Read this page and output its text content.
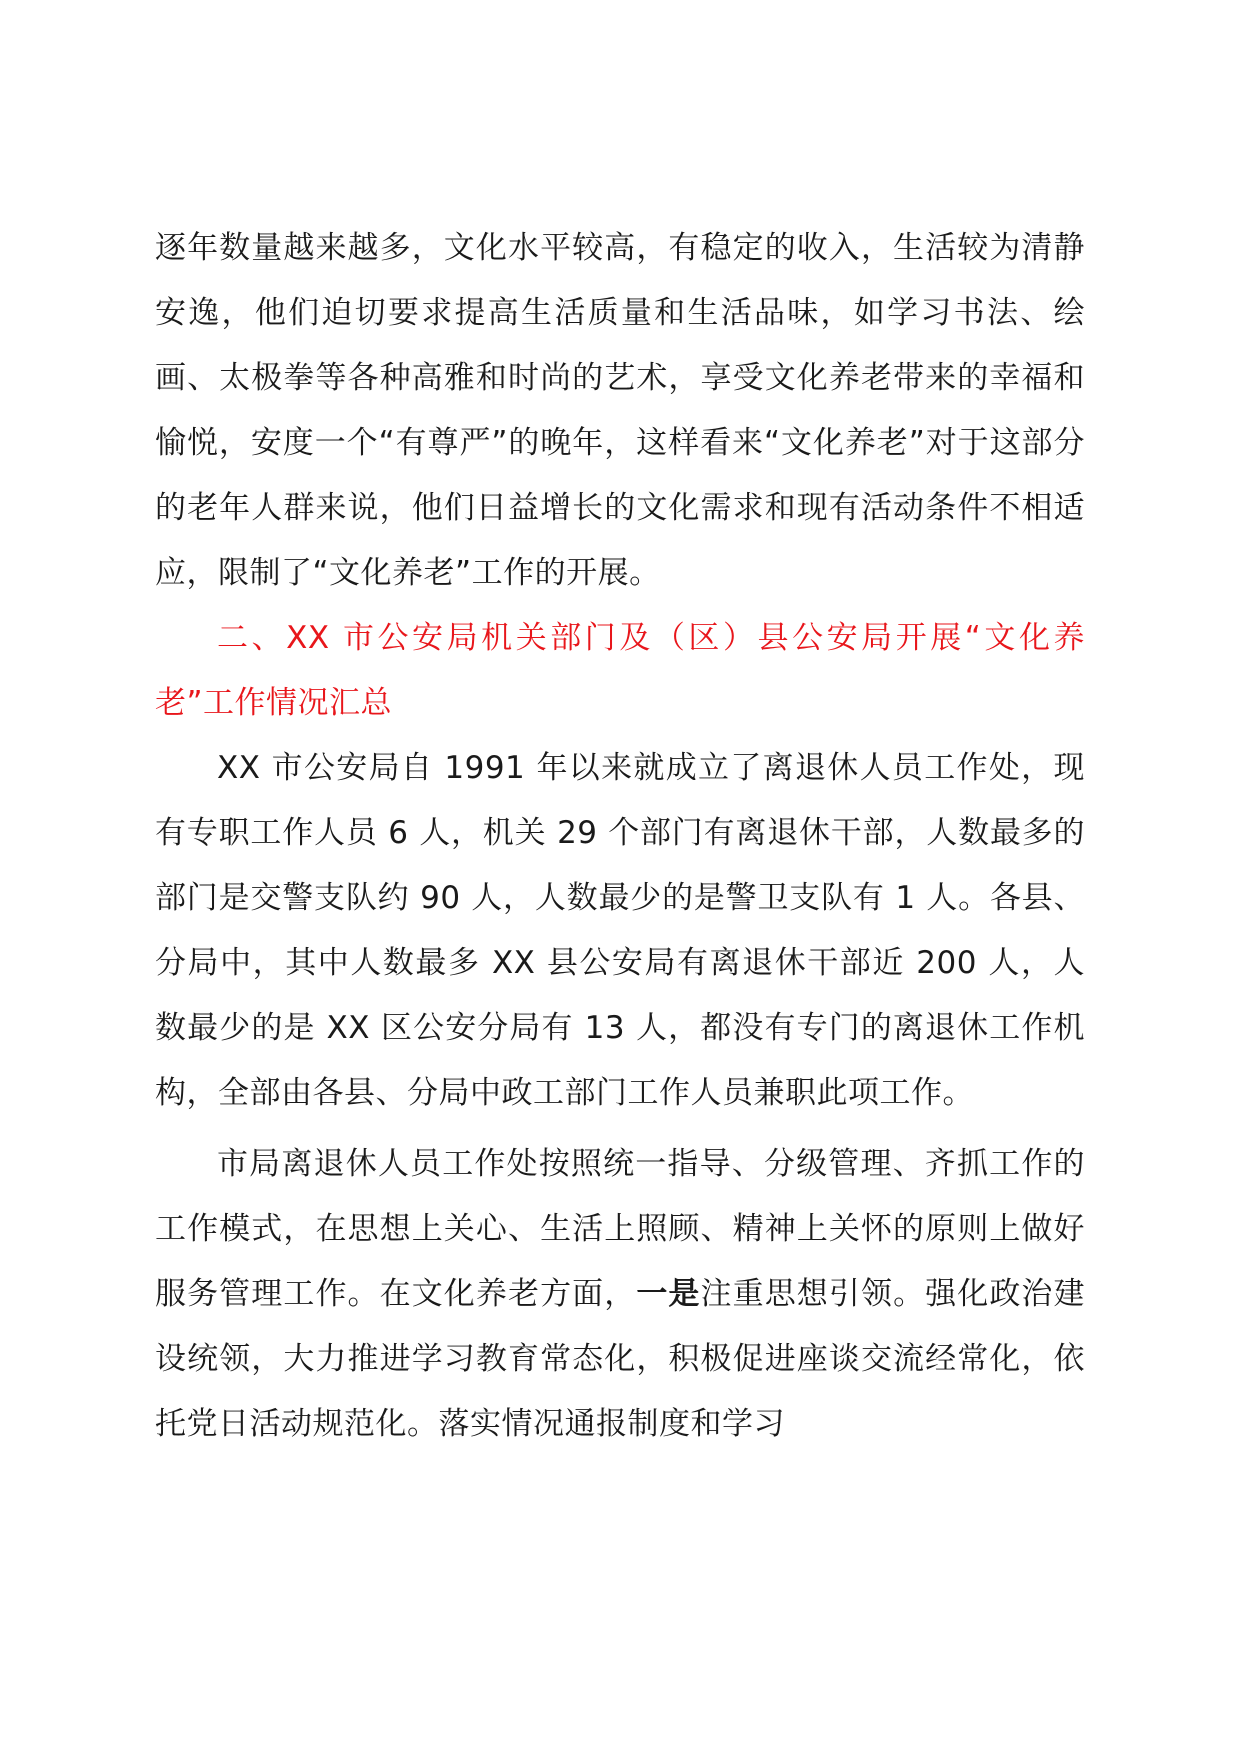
逐年数量越来越多，文化水平较高，有稳定的收入，生活较为清静安逸，他们迫切要求提高生活质量和生活品味，如学习书法、绘画、太极拳等各种高雅和时尚的艺术，享受文化养老带来的幸福和愉悦，安度一个“有尊严”的晚年，这样看来“文化养老”对于这部分的老年人群来说，他们日益增长的文化需求和现有活动条件不相适应，限制了“文化养老”工作的开展。

二、XX 市公安局机关部门及（区）县公安局开展“文化养老”工作情况汇总

XX 市公安局自 1991 年以来就成立了离退休人员工作处，现有专职工作人员 6 人，机关 29 个部门有离退休干部，人数最多的部门是交警支队约 90 人，人数最少的是警卫支队有 1 人。各县、分局中，其中人数最多 XX 县公安局有离退休干部近 200 人，人数最少的是 XX 区公安分局有 13 人，都没有专门的离退休工作机构，全部由各县、分局中政工部门工作人员兼职此项工作。

市局离退休人员工作处按照统一指导、分级管理、齐抓工作的工作模式，在思想上关心、生活上照顾、精神上关怀的原则上做好服务管理工作。在文化养老方面，一是注重思想引领。强化政治建设统领，大力推进学习教育常态化，积极促进座谈交流经常化，依托党日活动规范化。落实情况通报制度和学习
